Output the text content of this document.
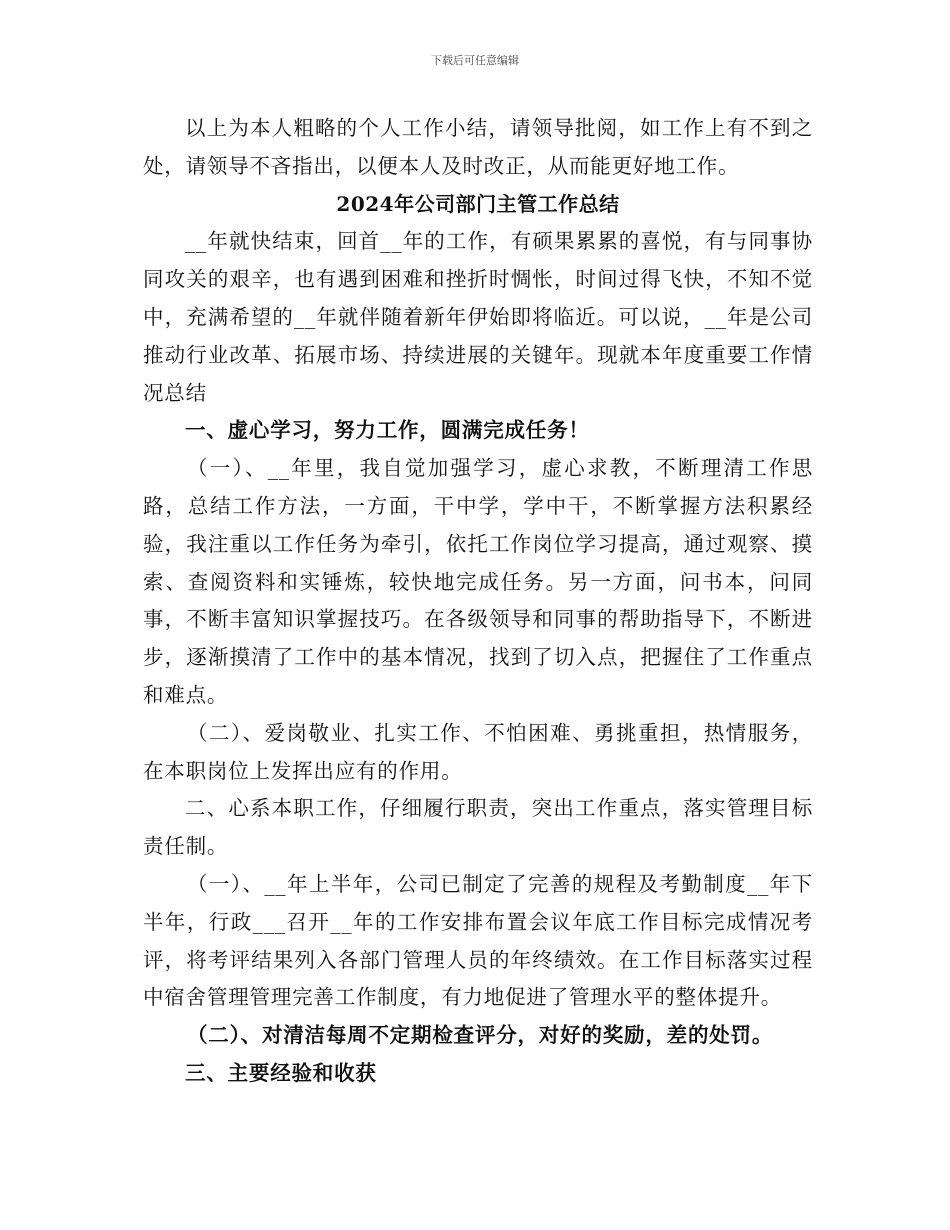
下载后可任意编辑

以上为本人粗略的个人工作小结，请领导批阅，如工作上有不到之处，请领导不吝指出，以便本人及时改正，从而能更好地工作。

2024年公司部门主管工作总结

__年就快结束，回首__年的工作，有硕果累累的喜悦，有与同事协同攻关的艰辛，也有遇到困难和挫折时惆怅，时间过得飞快，不知不觉中，充满希望的__年就伴随着新年伊始即将临近。可以说，__年是公司推动行业改革、拓展市场、持续进展的关键年。现就本年度重要工作情况总结

一、虚心学习，努力工作，圆满完成任务！

（一）、__年里，我自觉加强学习，虚心求教，不断理清工作思路，总结工作方法，一方面，干中学，学中干，不断掌握方法积累经验，我注重以工作任务为牵引，依托工作岗位学习提高，通过观察、摸索、查阅资料和实锤炼，较快地完成任务。另一方面，问书本，问同事，不断丰富知识掌握技巧。在各级领导和同事的帮助指导下，不断进步，逐渐摸清了工作中的基本情况，找到了切入点，把握住了工作重点和难点。

（二）、爱岗敬业、扎实工作、不怕困难、勇挑重担，热情服务，在本职岗位上发挥出应有的作用。

二、心系本职工作，仔细履行职责，突出工作重点，落实管理目标责任制。

（一）、__年上半年，公司已制定了完善的规程及考勤制度__年下半年，行政___召开__年的工作安排布置会议年底工作目标完成情况考评，将考评结果列入各部门管理人员的年终绩效。在工作目标落实过程中宿舍管理管理完善工作制度，有力地促进了管理水平的整体提升。

（二）、对清洁每周不定期检查评分，对好的奖励，差的处罚。

三、主要经验和收获
